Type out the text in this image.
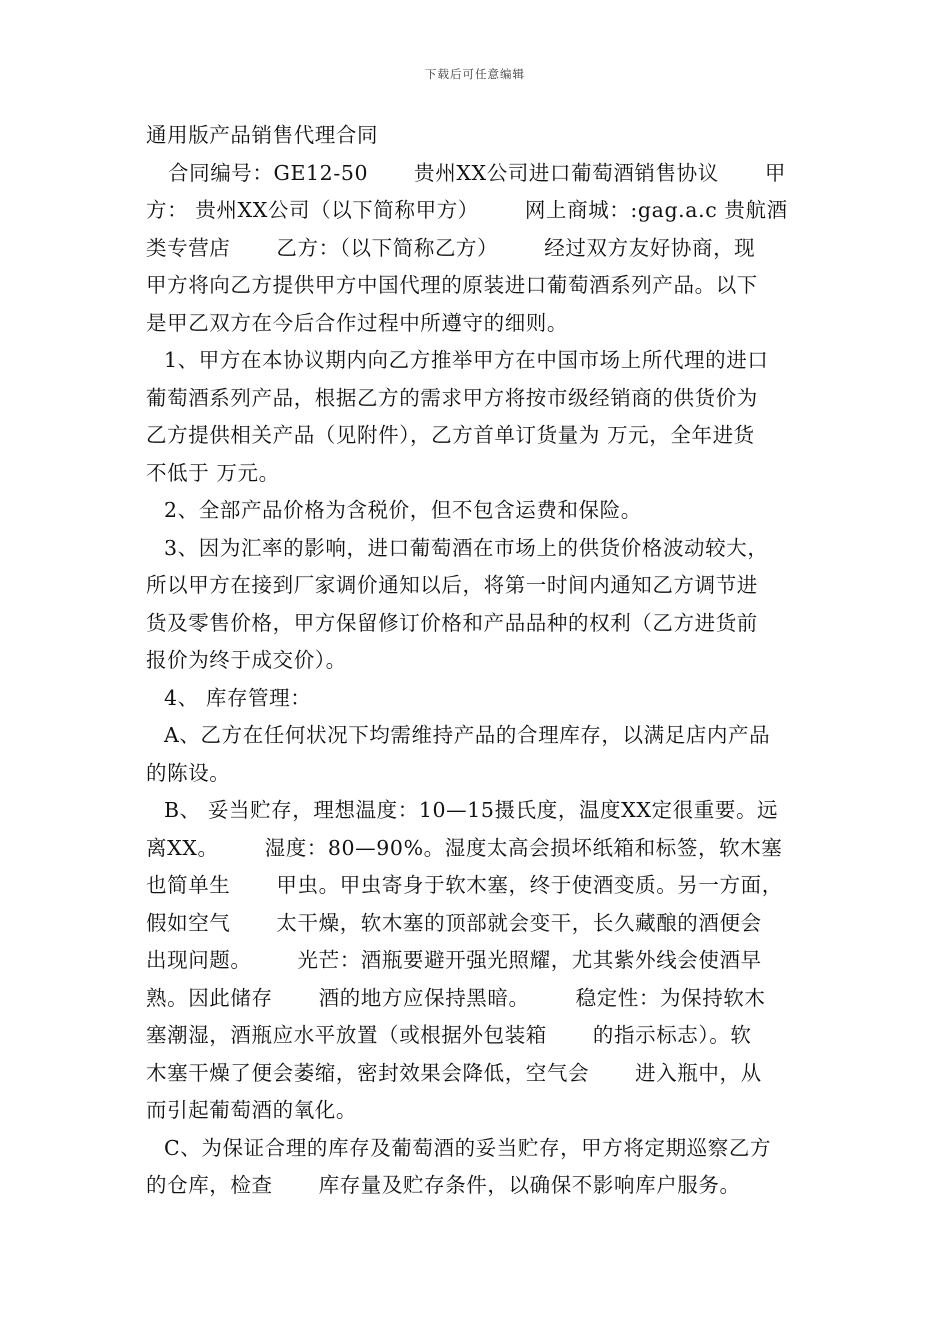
下载后可任意编辑

通用版产品销售代理合同

合同编号：GE12-50 贵州XX公司进口葡萄酒销售协议 甲

方： 贵州XX公司（以下简称甲方） 网上商城：:gag.a.c 贵航酒

类专营店 乙方：（以下简称乙方） 经过双方友好协商，现

甲方将向乙方提供甲方中国代理的原装进口葡萄酒系列产品。以下

是甲乙双方在今后合作过程中所遵守的细则。

1、甲方在本协议期内向乙方推举甲方在中国市场上所代理的进口

葡萄酒系列产品，根据乙方的需求甲方将按市级经销商的供货价为

乙方提供相关产品（见附件），乙方首单订货量为 万元，全年进货

不低于 万元。

2、全部产品价格为含税价，但不包含运费和保险。

3、因为汇率的影响，进口葡萄酒在市场上的供货价格波动较大，

所以甲方在接到厂家调价通知以后，将第一时间内通知乙方调节进

货及零售价格，甲方保留修订价格和产品品种的权利（乙方进货前

报价为终于成交价）。

4、 库存管理：

A、乙方在任何状况下均需维持产品的合理库存，以满足店内产品

的陈设。

B、 妥当贮存，理想温度：10—15摄氏度，温度XX定很重要。远

离XX。 湿度：80—90%。湿度太高会损坏纸箱和标签，软木塞

也简单生 甲虫。甲虫寄身于软木塞，终于使酒变质。另一方面，

假如空气 太干燥，软木塞的顶部就会变干，长久藏酿的酒便会

出现问题。 光芒：酒瓶要避开强光照耀，尤其紫外线会使酒早

熟。因此储存 酒的地方应保持黑暗。 稳定性：为保持软木

塞潮湿，酒瓶应水平放置（或根据外包装箱 的指示标志）。软

木塞干燥了便会萎缩，密封效果会降低，空气会 进入瓶中，从

而引起葡萄酒的氧化。

C、为保证合理的库存及葡萄酒的妥当贮存，甲方将定期巡察乙方

的仓库，检查 库存量及贮存条件，以确保不影响库户服务。
